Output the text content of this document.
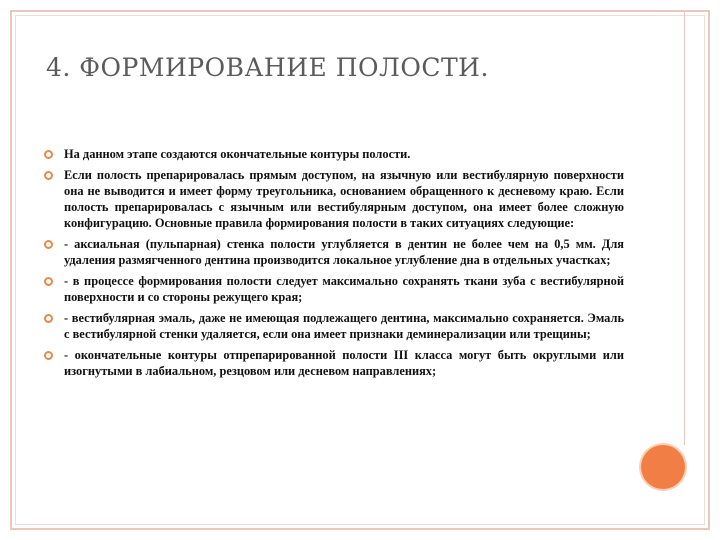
4. ФОРМИРОВАНИЕ ПОЛОСТИ.
На данном этапе создаются окончательные контуры полости.
Если полость препарировалась прямым доступом, на язычную или вестибулярную поверхности она не выводится и имеет форму треугольника, основанием обращенного к десневому краю. Если полость препарировалась с язычным или вестибулярным доступом, она имеет более сложную конфигурацию. Основные правила формирования полости в таких ситуациях следующие:
- аксиальная (пульпарная) стенка полости углубляется в дентин не более чем на 0,5 мм. Для удаления размягченного дентина производится локальное углубление дна в отдельных участках;
- в процессе формирования полости следует максимально сохранять ткани зуба с вестибулярной поверхности и со стороны режущего края;
- вестибулярная эмаль, даже не имеющая подлежащего дентина, максимально сохраняется. Эмаль с вестибулярной стенки удаляется, если она имеет признаки деминерализации или трещины;
- окончательные контуры отпрепарированной полости III класса могут быть округлыми или изогнутыми в лабиальном, резцовом или десневом направлениях;
